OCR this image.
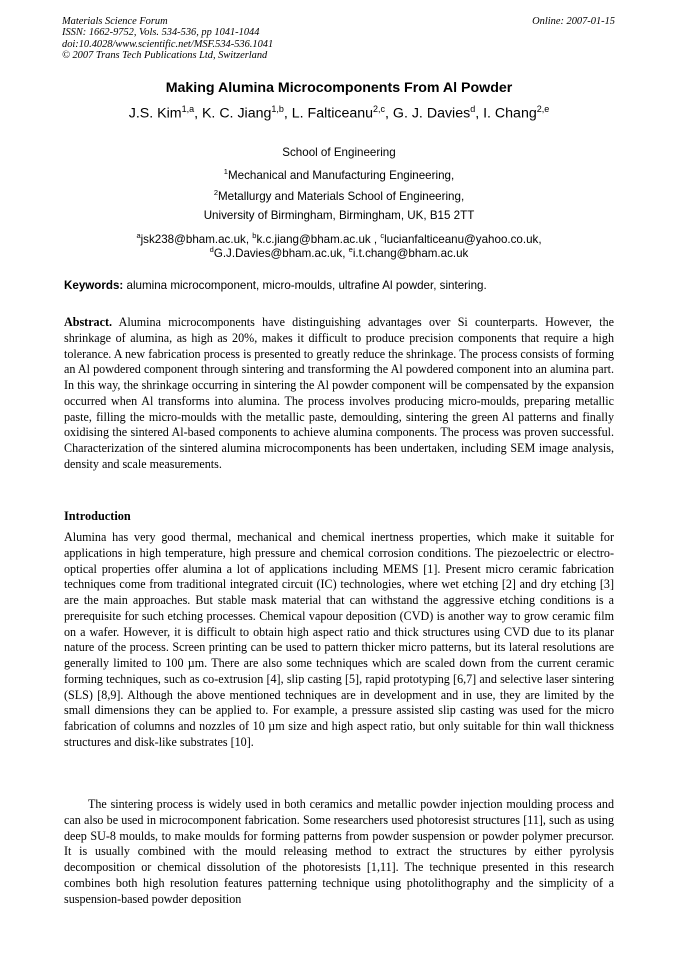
Materials Science Forum
ISSN: 1662-9752, Vols. 534-536, pp 1041-1044
doi:10.4028/www.scientific.net/MSF.534-536.1041
© 2007 Trans Tech Publications Ltd, Switzerland
Online: 2007-01-15
Making Alumina Microcomponents From Al Powder
J.S. Kim$^{1,a}$, K. C. Jiang$^{1,b}$, L. Falticeanu$^{2,c}$, G. J. Davies$^d$, I. Chang$^{2,e}$
School of Engineering
$^1$Mechanical and Manufacturing Engineering,
$^2$Metallurgy and Materials School of Engineering,
University of Birmingham, Birmingham, UK, B15 2TT
$^a$jsk238@bham.ac.uk, $^b$k.c.jiang@bham.ac.uk , $^c$lucianfalticeanu@yahoo.co.uk,
$^d$G.J.Davies@bham.ac.uk, $^e$i.t.chang@bham.ac.uk
Keywords: alumina microcomponent, micro-moulds, ultrafine Al powder, sintering.
Abstract. Alumina microcomponents have distinguishing advantages over Si counterparts. However, the shrinkage of alumina, as high as 20%, makes it difficult to produce precision components that require a high tolerance. A new fabrication process is presented to greatly reduce the shrinkage. The process consists of forming an Al powdered component through sintering and transforming the Al powdered component into an alumina part. In this way, the shrinkage occurring in sintering the Al powder component will be compensated by the expansion occurred when Al transforms into alumina. The process involves producing micro-moulds, preparing metallic paste, filling the micro-moulds with the metallic paste, demoulding, sintering the green Al patterns and finally oxidising the sintered Al-based components to achieve alumina components. The process was proven successful. Characterization of the sintered alumina microcomponents has been undertaken, including SEM image analysis, density and scale measurements.
Introduction
Alumina has very good thermal, mechanical and chemical inertness properties, which make it suitable for applications in high temperature, high pressure and chemical corrosion conditions. The piezoelectric or electro-optical properties offer alumina a lot of applications including MEMS [1]. Present micro ceramic fabrication techniques come from traditional integrated circuit (IC) technologies, where wet etching [2] and dry etching [3] are the main approaches. But stable mask material that can withstand the aggressive etching conditions is a prerequisite for such etching processes. Chemical vapour deposition (CVD) is another way to grow ceramic film on a wafer. However, it is difficult to obtain high aspect ratio and thick structures using CVD due to its planar nature of the process. Screen printing can be used to pattern thicker micro patterns, but its lateral resolutions are generally limited to 100 µm. There are also some techniques which are scaled down from the current ceramic forming techniques, such as co-extrusion [4], slip casting [5], rapid prototyping [6,7] and selective laser sintering (SLS) [8,9]. Although the above mentioned techniques are in development and in use, they are limited by the small dimensions they can be applied to. For example, a pressure assisted slip casting was used for the micro fabrication of columns and nozzles of 10 µm size and high aspect ratio, but only suitable for thin wall thickness structures and disk-like substrates [10].
The sintering process is widely used in both ceramics and metallic powder injection moulding process and can also be used in microcomponent fabrication. Some researchers used photoresist structures [11], such as using deep SU-8 moulds, to make moulds for forming patterns from powder suspension or powder polymer precursor. It is usually combined with the mould releasing method to extract the structures by either pyrolysis decomposition or chemical dissolution of the photoresists [1,11]. The technique presented in this research combines both high resolution features patterning technique using photolithography and the simplicity of a suspension-based powder deposition
